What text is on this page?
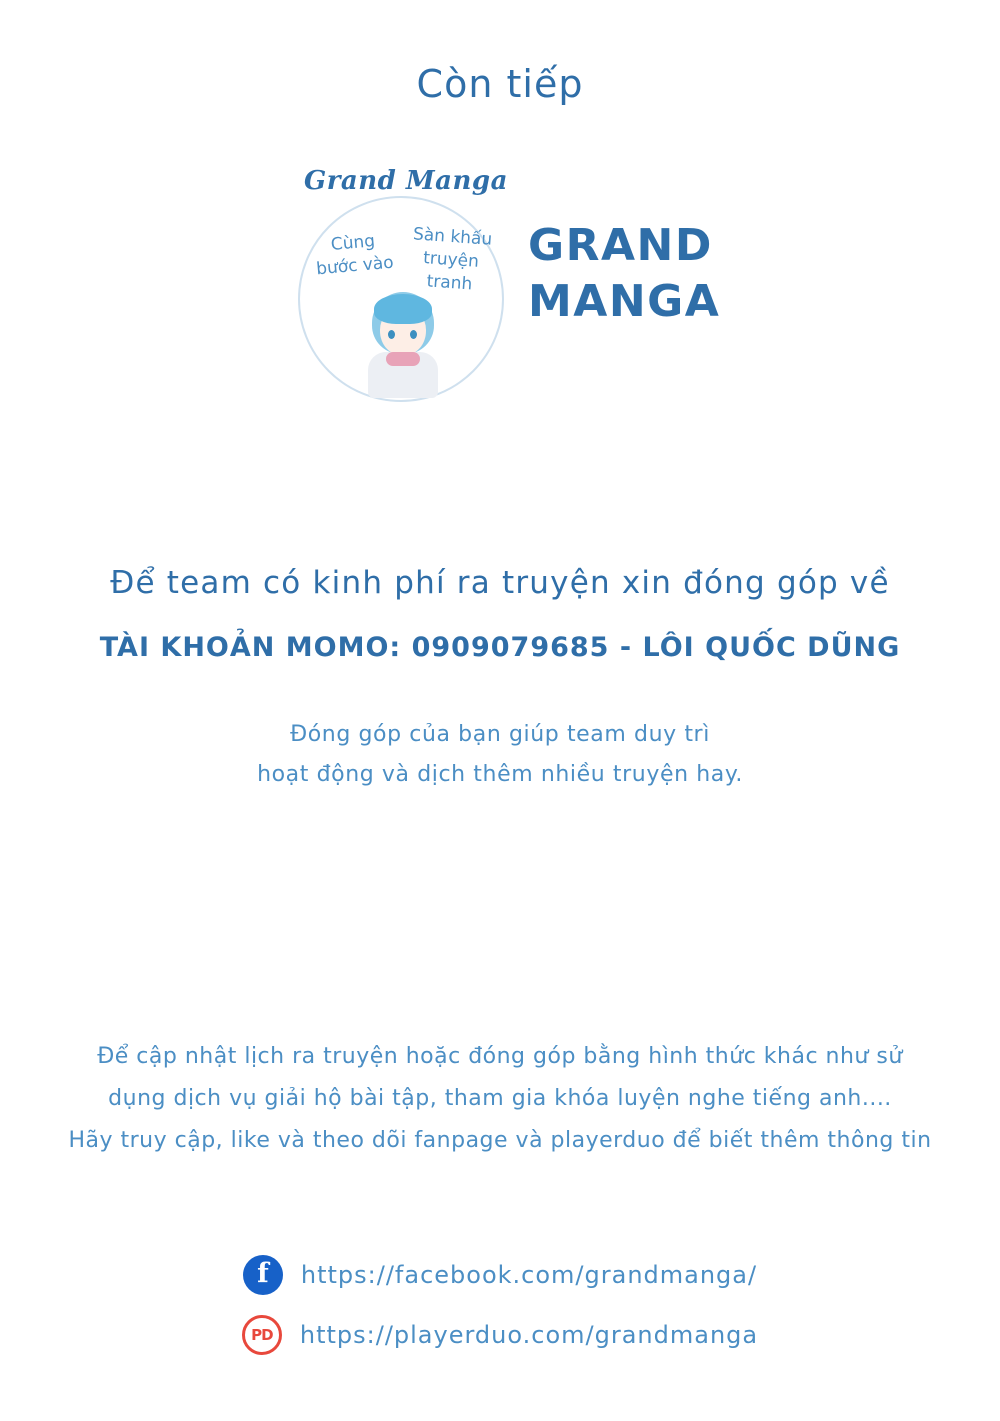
Còn tiếp
Grand Manga
Cùng bước vào
Sàn khấu truyện tranh
GRAND
MANGA
Để team có kinh phí ra truyện xin đóng góp về
TÀI KHOẢN MOMO: 0909079685 - LÔI QUỐC DŨNG
Đóng góp của bạn giúp team duy trì
hoạt động và dịch thêm nhiều truyện hay.
Để cập nhật lịch ra truyện hoặc đóng góp bằng hình thức khác như sử
dụng dịch vụ giải hộ bài tập, tham gia khóa luyện nghe tiếng anh....
Hãy truy cập, like và theo dõi fanpage và playerduo để biết thêm thông tin
f	https://facebook.com/grandmanga/
PD	https://playerduo.com/grandmanga
